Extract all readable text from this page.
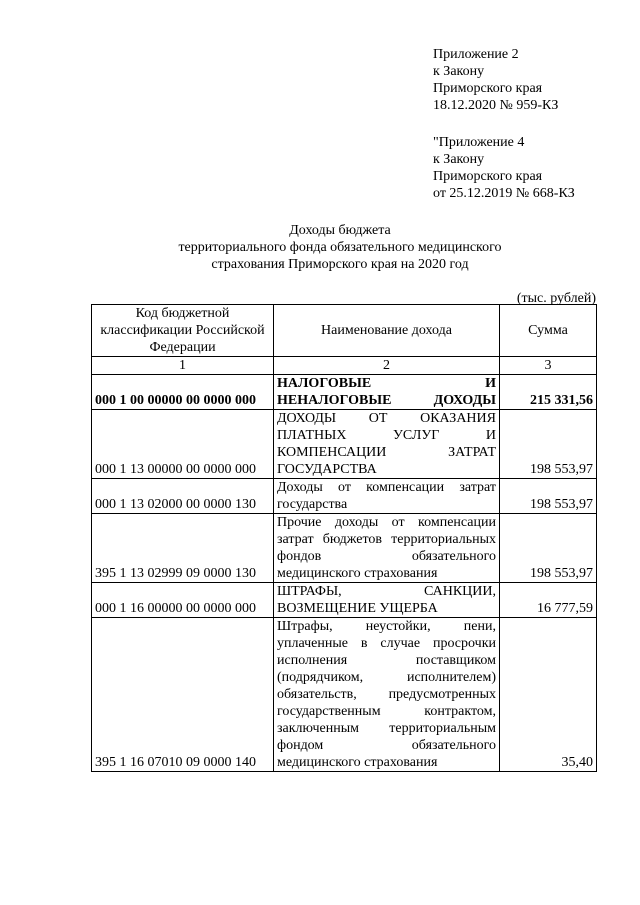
Приложение 2
к Закону
Приморского края
18.12.2020 № 959-КЗ
"Приложение 4
к Закону
Приморского края
от 25.12.2019 № 668-КЗ
Доходы бюджета
территориального фонда обязательного медицинского
страхования Приморского края на 2020 год
(тыс. рублей)
Код бюджетной классификации Российской Федерации	Наименование дохода	Сумма
1	2	3
000 1 00 00000 00 0000 000	НАЛОГОВЫЕ И НЕНАЛОГОВЫЕ ДОХОДЫ	215 331,56
000 1 13 00000 00 0000 000	ДОХОДЫ ОТ ОКАЗАНИЯ ПЛАТНЫХ УСЛУГ И КОМПЕНСАЦИИ ЗАТРАТ ГОСУДАРСТВА	198 553,97
000 1 13 02000 00 0000 130	Доходы от компенсации затрат государства	198 553,97
395 1 13 02999 09 0000 130	Прочие доходы от компенсации затрат бюджетов территориальных фондов обязательного медицинского страхования	198 553,97
000 1 16 00000 00 0000 000	ШТРАФЫ, САНКЦИИ, ВОЗМЕЩЕНИЕ УЩЕРБА	16 777,59
395 1 16 07010 09 0000 140	Штрафы, неустойки, пени, уплаченные в случае просрочки исполнения поставщиком (подрядчиком, исполнителем) обязательств, предусмотренных государственным контрактом, заключенным территориальным фондом обязательного медицинского страхования	35,40
